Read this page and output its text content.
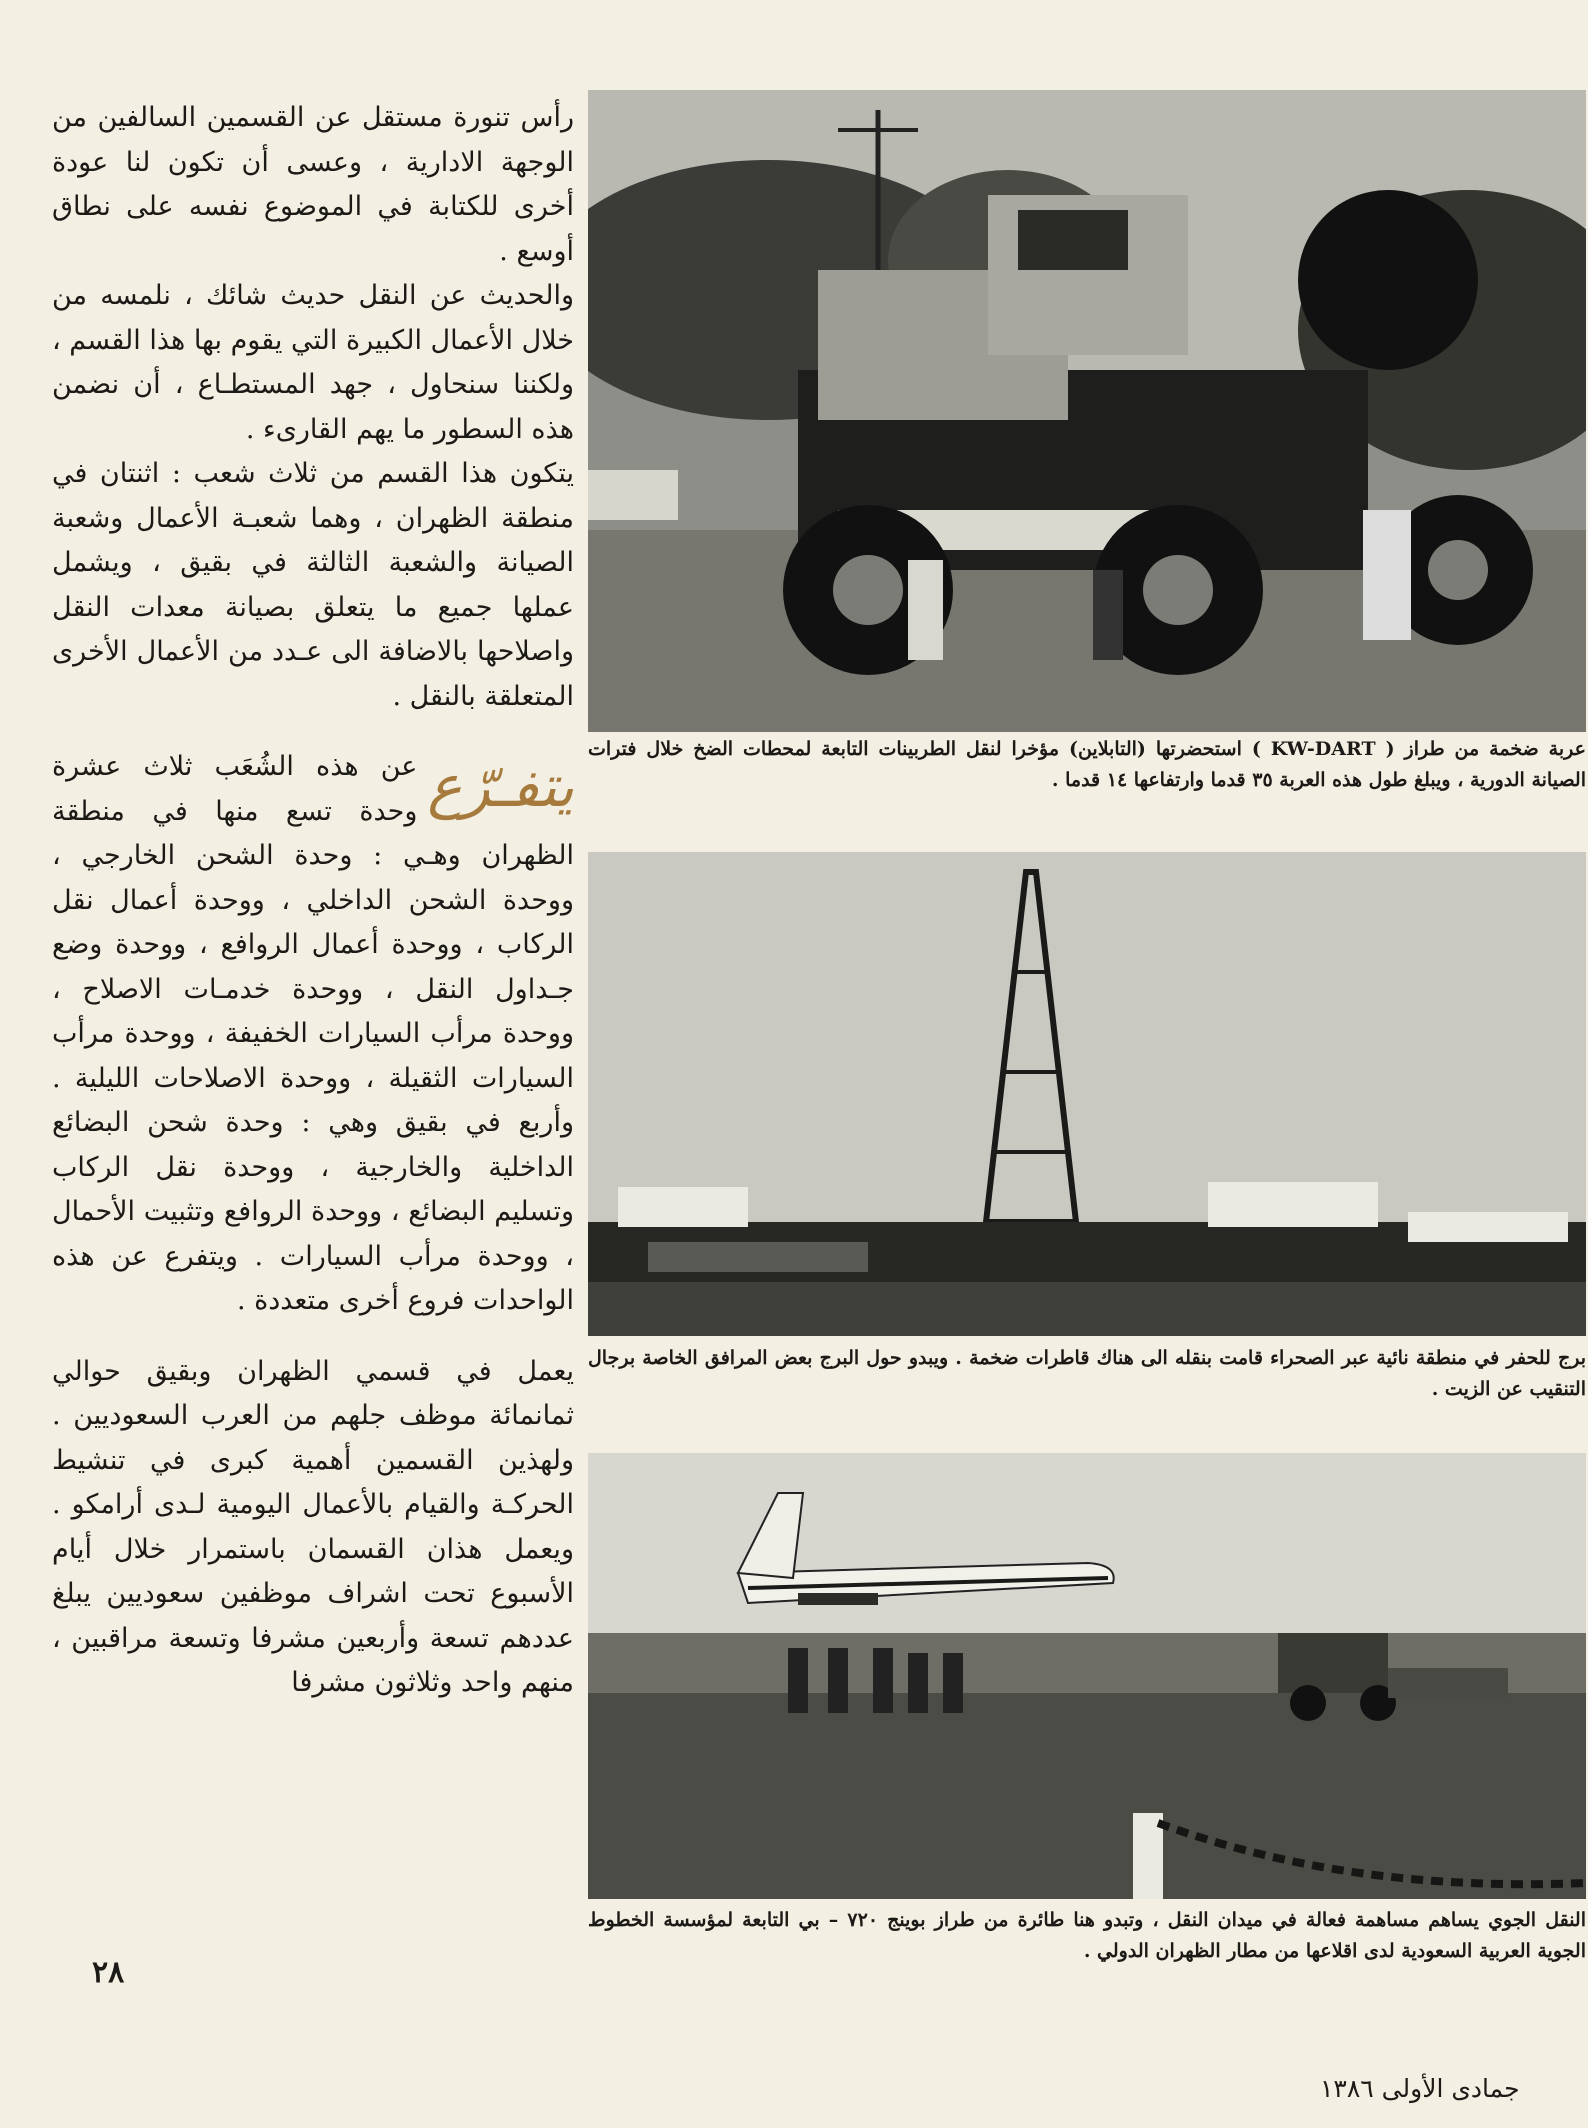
رأس تنورة مستقل عن القسمين السالفين من الوجهة الادارية ، وعسى أن تكون لنا عودة أخرى للكتابة في الموضوع نفسه على نطاق أوسع .

والحديث عن النقل حديث شائك ، نلمسه من خلال الأعمال الكبيرة التي يقوم بها هذا القسم ، ولكننا سنحاول ، جهد المستطـاع ، أن نضمن هذه السطور ما يهم القارىء .

يتكون هذا القسم من ثلاث شعب : اثنتان في منطقة الظهران ، وهما شعبـة الأعمال وشعبة الصيانة والشعبة الثالثة في بقيق ، ويشمل عملها جميع ما يتعلق بصيانة معدات النقل واصلاحها بالاضافة الى عـدد من الأعمال الأخرى المتعلقة بالنقل .

يتفـرّع
عن هذه الشُعَب ثلاث عشرة وحدة تسع منها في منطقة الظهران وهـي : وحدة الشحن الخارجي ، ووحدة الشحن الداخلي ، ووحدة أعمال نقل الركاب ، ووحدة أعمال الروافع ، ووحدة وضع جـداول النقل ، ووحدة خدمـات الاصلاح ، ووحدة مرأب السيارات الخفيفة ، ووحدة مرأب السيارات الثقيلة ، ووحدة الاصلاحات الليلية . وأربع في بقيق وهي : وحدة شحن البضائع الداخلية والخارجية ، ووحدة نقل الركاب وتسليم البضائع ، ووحدة الروافع وتثبيت الأحمال ، ووحدة مرأب السيارات . ويتفرع عن هذه الواحدات فروع أخرى متعددة .

يعمل في قسمي الظهران وبقيق حوالي ثمانمائة موظف جلهم من العرب السعوديين . ولهذين القسمين أهمية كبرى في تنشيط الحركـة والقيام بالأعمال اليومية لـدى أرامكو . ويعمل هذان القسمان باستمرار خلال أيام الأسبوع تحت اشراف موظفين سعوديين يبلغ عددهم تسعة وأربعين مشرفا وتسعة مراقبين ، منهم واحد وثلاثون مشرفا

عربة ضخمة من طراز ( KW-DART ) استحضرتها (التابلاين) مؤخرا لنقل الطربينات التابعة لمحطات الضخ خلال فترات الصيانة الدورية ، ويبلغ طول هذه العربة ٣٥ قدما وارتفاعها ١٤ قدما .

برج للحفر في منطقة نائية عبر الصحراء قامت بنقله الى هناك قاطرات ضخمة . ويبدو حول البرج بعض المرافق الخاصة برجال التنقيب عن الزيت .

النقل الجوي يساهم مساهمة فعالة في ميدان النقل ، وتبدو هنا طائرة من طراز بوينج ٧٢٠ – بي التابعة لمؤسسة الخطوط الجوية العربية السعودية لدى اقلاعها من مطار الظهران الدولي .

٢٨
جمادى الأولى ١٣٨٦
